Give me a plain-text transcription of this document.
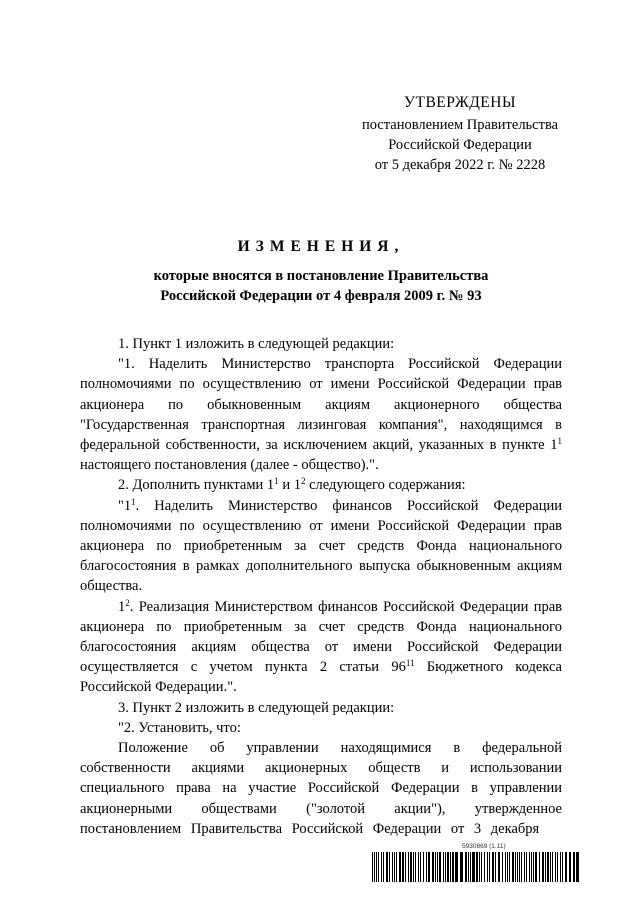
УТВЕРЖДЕНЫ
постановлением Правительства
Российской Федерации
от 5 декабря 2022 г. № 2228
ИЗМЕНЕНИЯ,
которые вносятся в постановление Правительства
Российской Федерации от 4 февраля 2009 г. № 93

1. Пункт 1 изложить в следующей редакции:

"1. Наделить Министерство транспорта Российской Федерации полномочиями по осуществлению от имени Российской Федерации прав акционера по обыкновенным акциям акционерного общества "Государственная транспортная лизинговая компания", находящимся в федеральной собственности, за исключением акций, указанных в пункте $1^1$ настоящего постановления (далее - общество).".

2. Дополнить пунктами $1^1$ и $1^2$ следующего содержания:

"$1^1$. Наделить Министерство финансов Российской Федерации полномочиями по осуществлению от имени Российской Федерации прав акционера по приобретенным за счет средств Фонда национального благосостояния в рамках дополнительного выпуска обыкновенным акциям общества.

$1^2$. Реализация Министерством финансов Российской Федерации прав акционера по приобретенным за счет средств Фонда национального благосостояния акциям общества от имени Российской Федерации осуществляется с учетом пункта 2 статьи $96^{11}$ Бюджетного кодекса Российской Федерации.".

3. Пункт 2 изложить в следующей редакции:

"2. Установить, что:

Положение об управлении находящимися в федеральной собственности акциями акционерных обществ и использовании специального права на участие Российской Федерации в управлении акционерными обществами ("золотой акции"), утвержденное постановлением Правительства Российской Федерации от 3 декабря

5930869 (1.11)
